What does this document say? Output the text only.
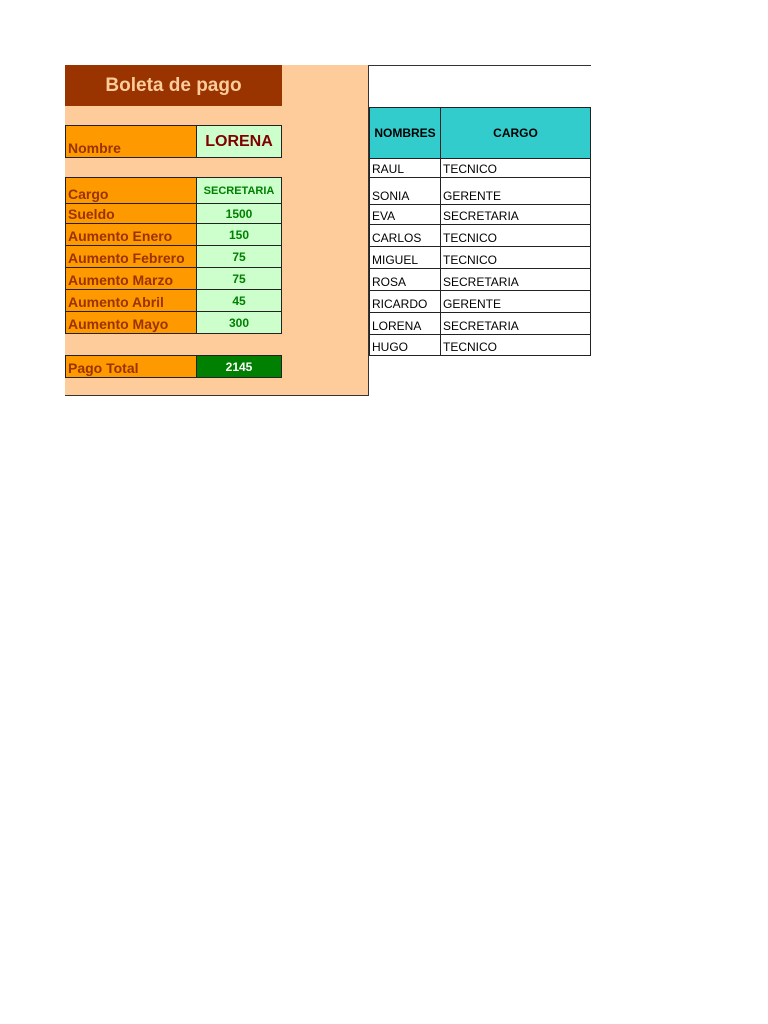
Boleta de pago
Nombre	LORENA
Cargo	SECRETARIA
Sueldo	1500
Aumento Enero	150
Aumento Febrero	75
Aumento Marzo	75
Aumento Abril	45
Aumento Mayo	300
Pago Total	2145
NOMBRES	CARGO
RAUL	TECNICO
SONIA	GERENTE
EVA	SECRETARIA
CARLOS	TECNICO
MIGUEL	TECNICO
ROSA	SECRETARIA
RICARDO	GERENTE
LORENA	SECRETARIA
HUGO	TECNICO
